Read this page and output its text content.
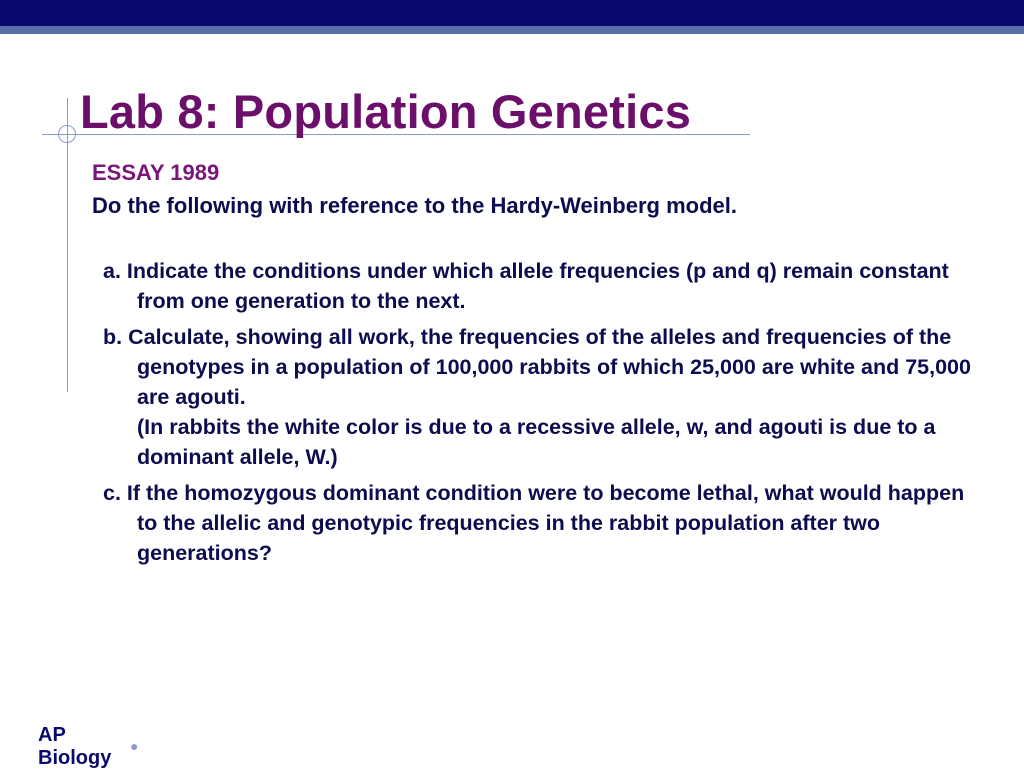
Lab 8: Population Genetics
ESSAY 1989
Do the following with reference to the Hardy-Weinberg model.
a. Indicate the conditions under which allele frequencies (p and q) remain constant from one generation to the next.
b. Calculate, showing all work, the frequencies of the alleles and frequencies of the genotypes in a population of 100,000 rabbits of which 25,000 are white and 75,000 are agouti.
(In rabbits the white color is due to a recessive allele, w, and agouti is due to a dominant allele, W.)
c. If the homozygous dominant condition were to become lethal, what would happen to the allelic and genotypic frequencies in the rabbit population after two generations?
AP Biology
●
